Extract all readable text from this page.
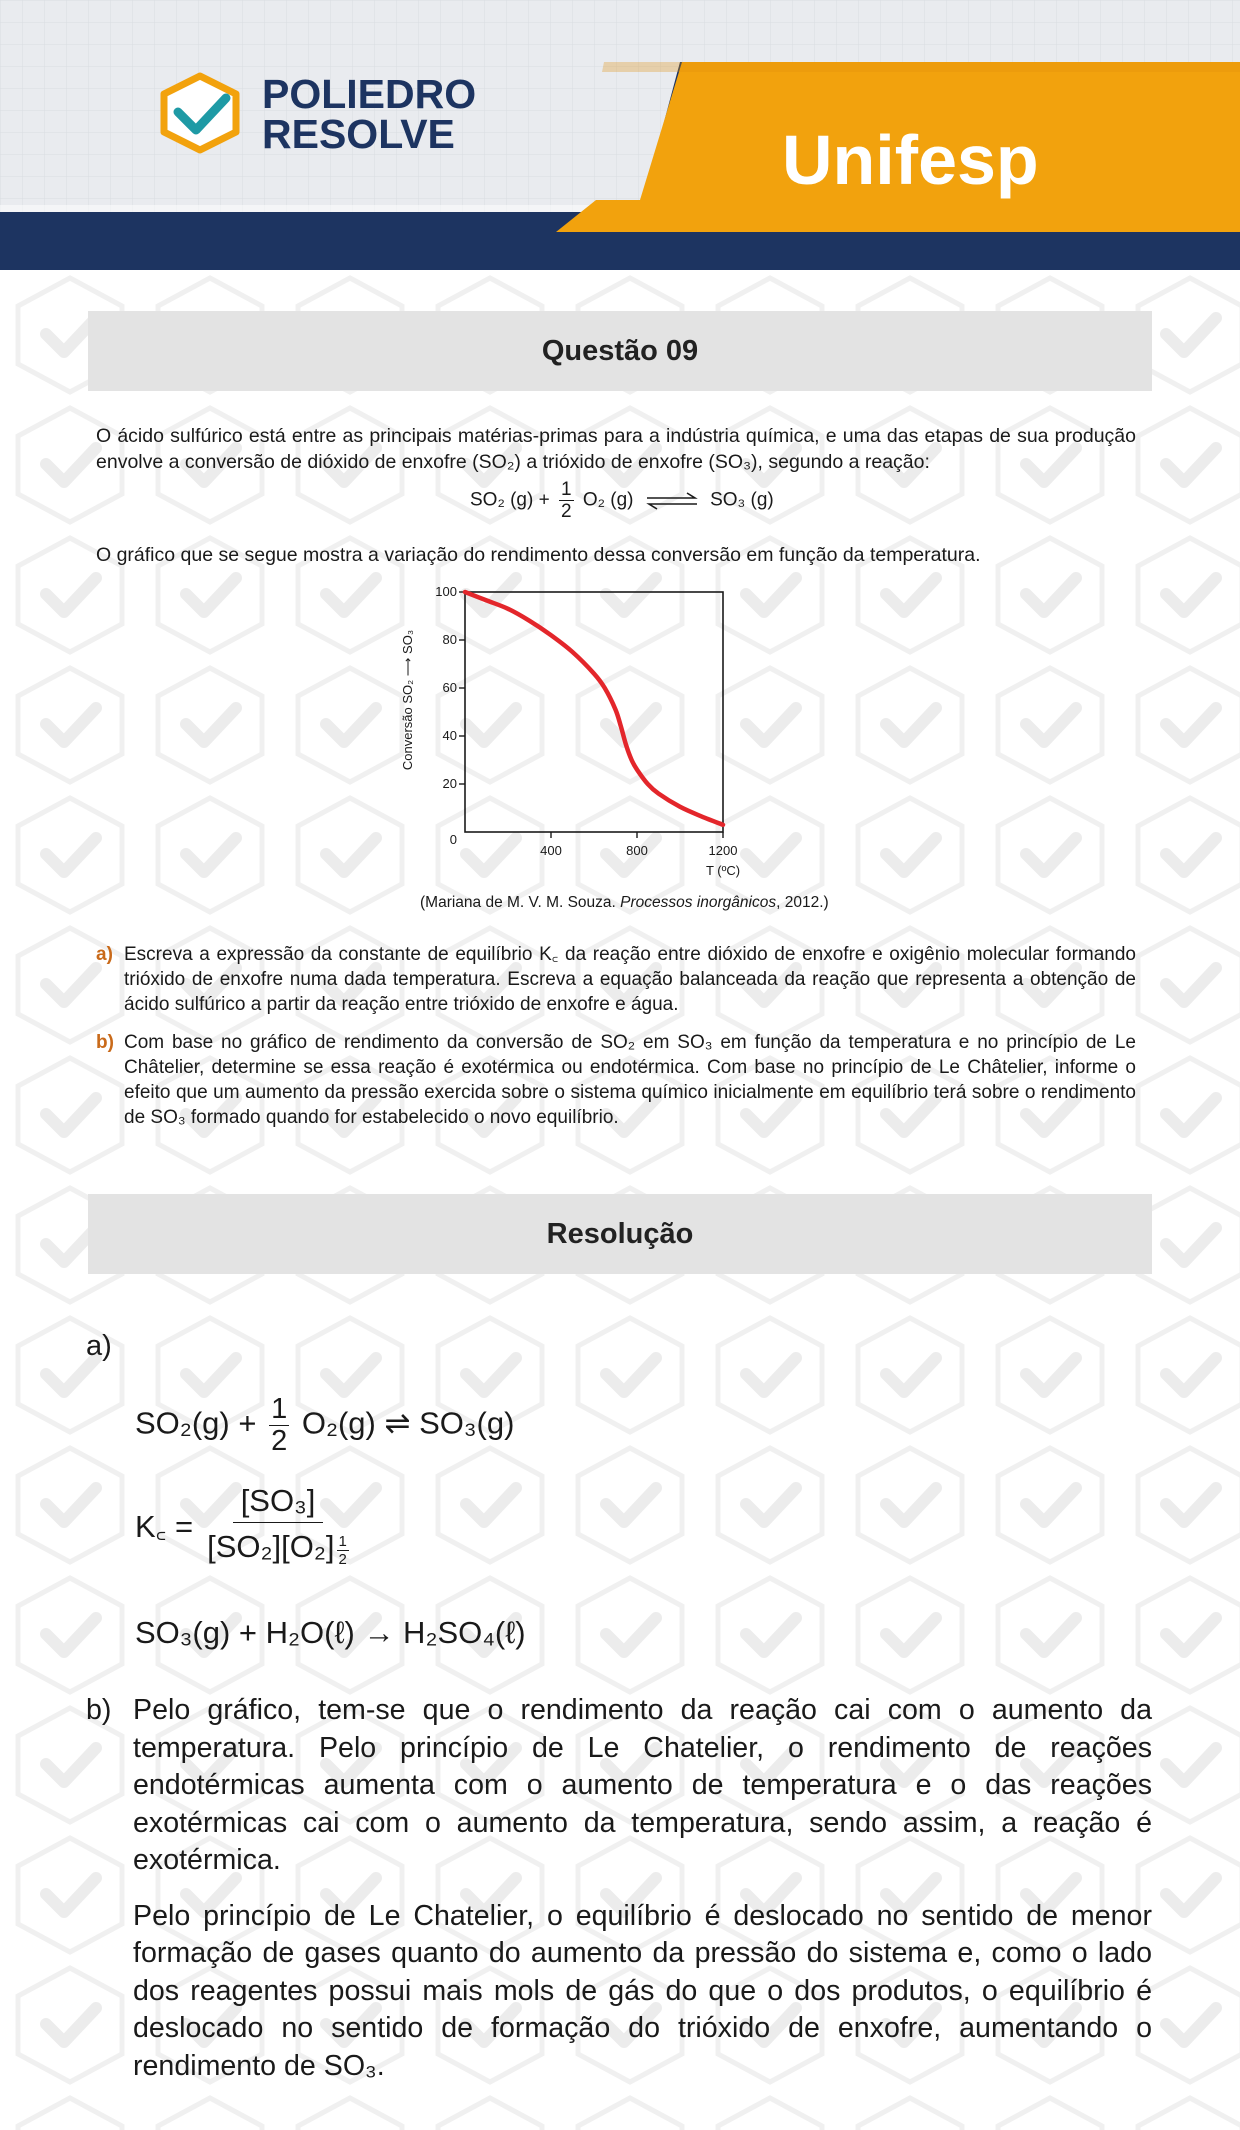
POLIEDRO
RESOLVE	Unifesp
Questão 09

O ácido sulfúrico está entre as principais matérias-primas para a indústria química, e uma das etapas de sua produção envolve a conversão de dióxido de enxofre (SO₂) a trióxido de enxofre (SO₃), segundo a reação:

SO₂ $(g) + \frac{1}{2} O_2$ (g) ⇌ SO₃ (g)

O gráfico que se segue mostra a variação do rendimento dessa conversão em função da temperatura.

20
40
60
80
100
400	800	1200
0
T (ºC)
Conversão SO₂ ⟶ SO₃
(Mariana de M. V. M. Souza. Processos inorgânicos, 2012.)
a) Escreva a expressão da constante de equilíbrio K꜀ da reação entre dióxido de enxofre e oxigênio molecular formando trióxido de enxofre numa dada temperatura. Escreva a equação balanceada da reação que representa a obtenção de ácido sulfúrico a partir da reação entre trióxido de enxofre e água.
b) Com base no gráfico de rendimento da conversão de SO₂ em SO₃ em função da temperatura e no princípio de Le Châtelier, determine se essa reação é exotérmica ou endotérmica. Com base no princípio de Le Châtelier, informe o efeito que um aumento da pressão exercida sobre o sistema químico inicialmente em equilíbrio terá sobre o rendimento de SO₃ formado quando for estabelecido o novo equilíbrio.
Resolução
a)
$SO_2(g) + \frac{1}{2} O_2(g)$ ⇌ SO₃(g)
K꜀ = $\frac{\text{[SO₃]}}{[SO_2][O_2] \frac{1}{2}}$
SO₃(g) + H₂O(ℓ) → H₂SO₄(ℓ)
b) Pelo gráfico, tem-se que o rendimento da reação cai com o aumento da temperatura. Pelo princípio de Le Chatelier, o rendimento de reações endotérmicas aumenta com o aumento de temperatura e o das reações exotérmicas cai com o aumento da temperatura, sendo assim, a reação é exotérmica.
Pelo princípio de Le Chatelier, o equilíbrio é deslocado no sentido de menor formação de gases quanto do aumento da pressão do sistema e, como o lado dos reagentes possui mais mols de gás do que o dos produtos, o equilíbrio é deslocado no sentido de formação do trióxido de enxofre, aumentando o rendimento de SO₃.
